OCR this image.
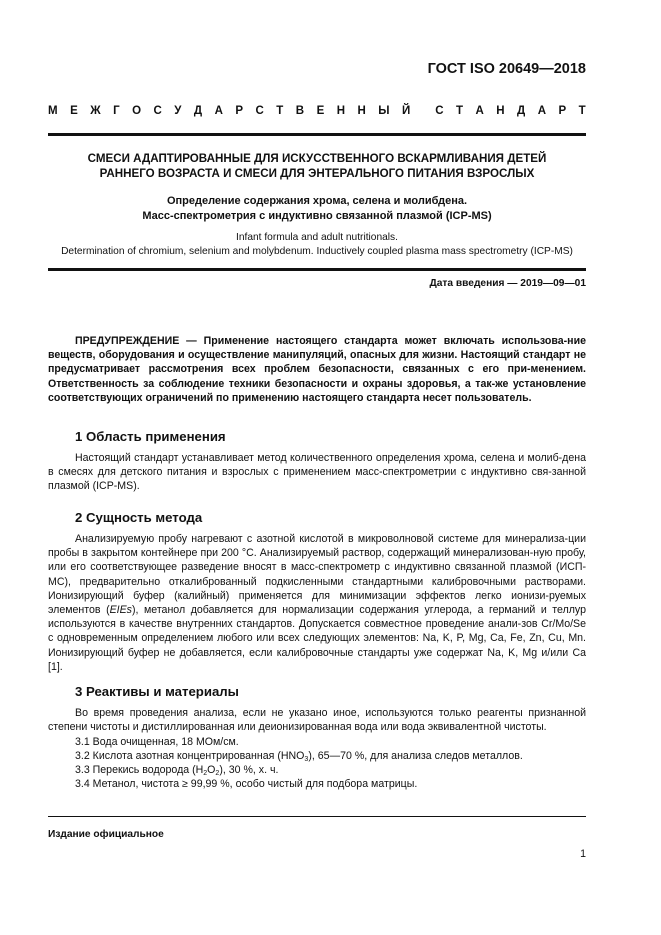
ГОСТ ISO 20649—2018
М Е Ж Г О С У Д А Р С Т В Е Н Н Ы Й С Т А Н Д А Р Т
СМЕСИ АДАПТИРОВАННЫЕ ДЛЯ ИСКУССТВЕННОГО ВСКАРМЛИВАНИЯ ДЕТЕЙ
РАННЕГО ВОЗРАСТА И СМЕСИ ДЛЯ ЭНТЕРАЛЬНОГО ПИТАНИЯ ВЗРОСЛЫХ
Определение содержания хрома, селена и молибдена.
Масс-спектрометрия с индуктивно связанной плазмой (ICP-MS)
Infant formula and adult nutritionals.
Determination of chromium, selenium and molybdenum. Inductively coupled plasma mass spectrometry (ICP-MS)
Дата введения — 2019—09—01
ПРЕДУПРЕЖДЕНИЕ — Применение настоящего стандарта может включать использова-ние веществ, оборудования и осуществление манипуляций, опасных для жизни. Настоящий стандарт не предусматривает рассмотрения всех проблем безопасности, связанных с его при-менением. Ответственность за соблюдение техники безопасности и охраны здоровья, а так-же установление соответствующих ограничений по применению настоящего стандарта несет пользователь.
1 Область применения
Настоящий стандарт устанавливает метод количественного определения хрома, селена и молиб-дена в смесях для детского питания и взрослых с применением масс-спектрометрии с индуктивно свя-занной плазмой (ICP-MS).
2 Сущность метода
Анализируемую пробу нагревают с азотной кислотой в микроволновой системе для минерализа-ции пробы в закрытом контейнере при 200 °С. Анализируемый раствор, содержащий минерализован-ную пробу, или его соответствующее разведение вносят в масс-спектрометр с индуктивно связанной плазмой (ИСП-МС), предварительно откалиброванный подкисленными стандартными калибровочными растворами. Ионизирующий буфер (калийный) применяется для минимизации эффектов легко ионизи-руемых элементов (EIEs), метанол добавляется для нормализации содержания углерода, а германий и теллур используются в качестве внутренних стандартов. Допускается совместное проведение анали-зов Cr/Mo/Se с одновременным определением любого или всех следующих элементов: Na, K, P, Mg, Ca, Fe, Zn, Cu, Mn. Ионизирующий буфер не добавляется, если калибровочные стандарты уже содержат Na, K, Mg и/или Ca [1].
3 Реактивы и материалы
Во время проведения анализа, если не указано иное, используются только реагенты признанной степени чистоты и дистиллированная или деионизированная вода или вода эквивалентной чистоты.
3.1 Вода очищенная, 18 МОм/см.
3.2 Кислота азотная концентрированная $(HNO_3)$, 65—70 %, для анализа следов металлов.
3.3 Перекись водорода $(H_2O_2)$, 30 %, х. ч.
3.4 Метанол, чистота ≥ 99,99 %, особо чистый для подбора матрицы.
Издание официальное
1
